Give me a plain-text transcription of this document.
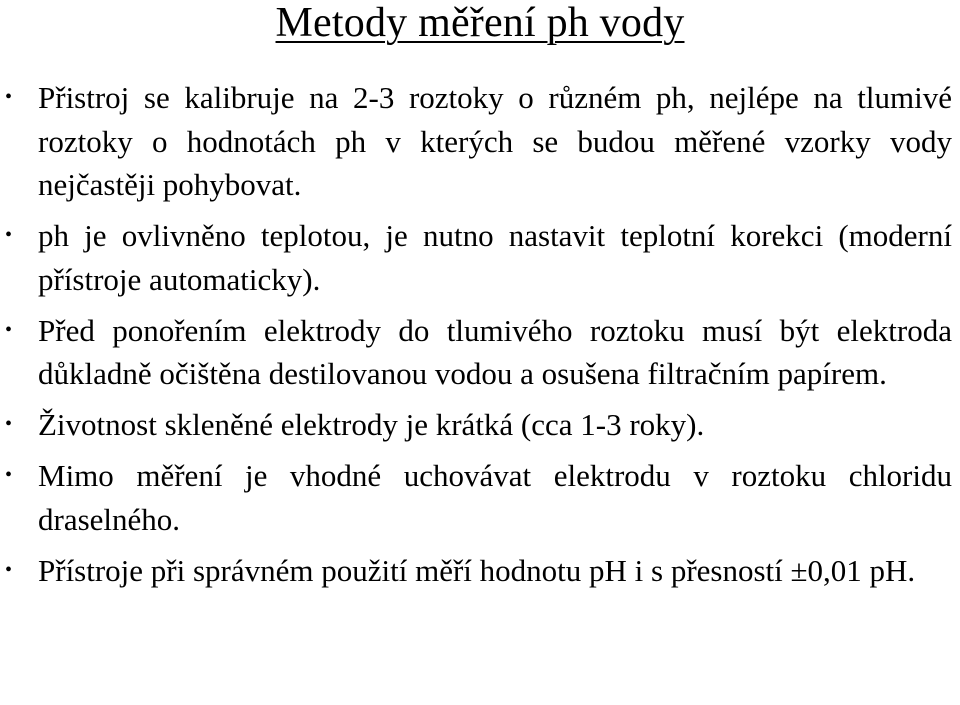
Metody měření ph vody
• Přistroj se kalibruje na 2-3 roztoky o různém ph, nejlépe na tlumivé roztoky o hodnotách ph v kterých se budou měřené vzorky vody nejčastěji pohybovat.
• ph je ovlivněno teplotou, je nutno nastavit teplotní korekci (moderní přístroje automaticky).
• Před ponořením elektrody do tlumivého roztoku musí být elektroda důkladně očištěna destilovanou vodou a osušena filtračním papírem.
• Životnost skleněné elektrody je krátká (cca 1-3 roky).
• Mimo měření je vhodné uchovávat elektrodu v roztoku chloridu draselného.
• Přístroje při správném použití měří hodnotu pH i s přesností ±0,01 pH.
